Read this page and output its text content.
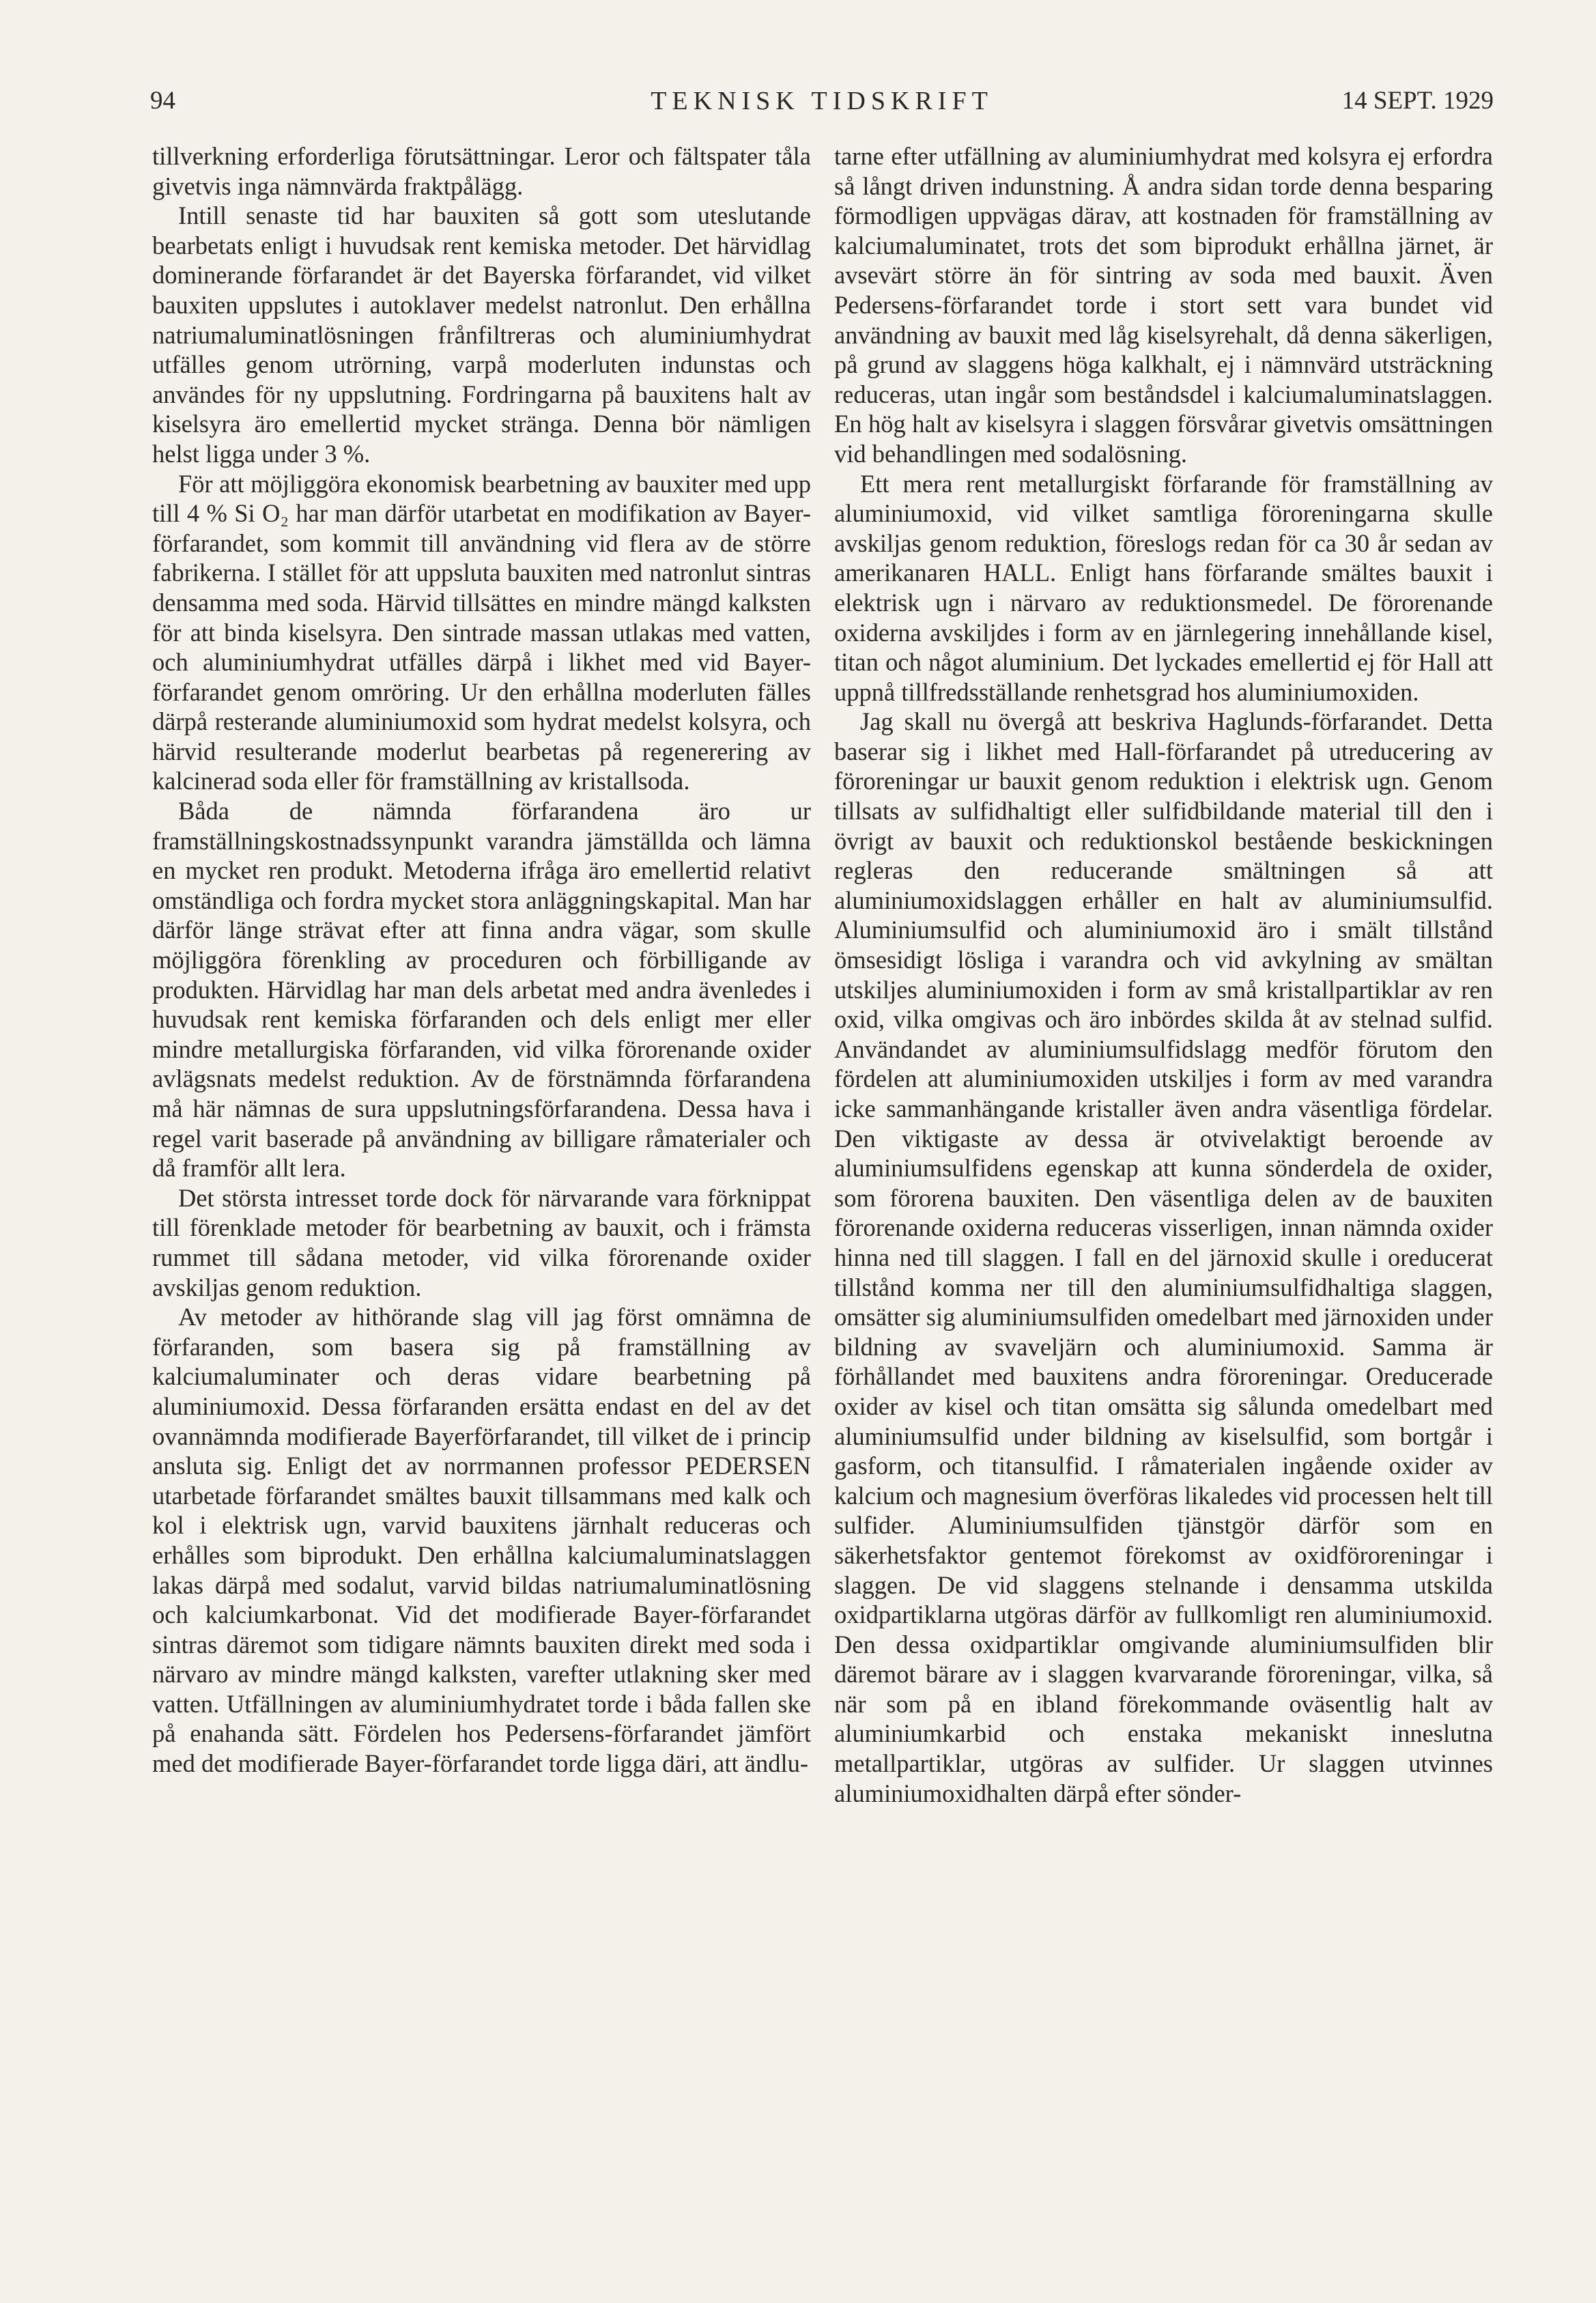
94	TEKNISK TIDSKRIFT	14 SEPT. 1929

tillverkning erforderliga förutsättningar. Leror och fältspater tåla givetvis inga nämnvärda fraktpålägg.

Intill senaste tid har bauxiten så gott som uteslutande bearbetats enligt i huvudsak rent kemiska metoder. Det härvidlag dominerande förfarandet är det Bayerska förfarandet, vid vilket bauxiten uppslutes i autoklaver medelst natronlut. Den erhållna natriumaluminatlösningen frånfiltreras och aluminiumhydrat utfälles genom utrörning, varpå moderluten indunstas och användes för ny uppslutning. Fordringarna på bauxitens halt av kiselsyra äro emellertid mycket stränga. Denna bör nämligen helst ligga under 3 %.

För att möjliggöra ekonomisk bearbetning av bauxiter med upp till 4 % Si O₂ har man därför utarbetat en modifikation av Bayer-förfarandet, som kommit till användning vid flera av de större fabrikerna. I stället för att uppsluta bauxiten med natronlut sintras densamma med soda. Härvid tillsättes en mindre mängd kalksten för att binda kiselsyra. Den sintrade massan utlakas med vatten, och aluminiumhydrat utfälles därpå i likhet med vid Bayer-förfarandet genom omröring. Ur den erhållna moderluten fälles därpå resterande aluminiumoxid som hydrat medelst kolsyra, och härvid resulterande moderlut bearbetas på regenerering av kalcinerad soda eller för framställning av kristallsoda.

Båda de nämnda förfarandena äro ur framställningskostnadssynpunkt varandra jämställda och lämna en mycket ren produkt. Metoderna ifråga äro emellertid relativt omständliga och fordra mycket stora anläggningskapital. Man har därför länge strävat efter att finna andra vägar, som skulle möjliggöra förenkling av proceduren och förbilligande av produkten. Härvidlag har man dels arbetat med andra ävenledes i huvudsak rent kemiska förfaranden och dels enligt mer eller mindre metallurgiska förfaranden, vid vilka förorenande oxider avlägsnats medelst reduktion. Av de förstnämnda förfarandena må här nämnas de sura uppslutningsförfarandena. Dessa hava i regel varit baserade på användning av billigare råmaterialer och då framför allt lera.

Det största intresset torde dock för närvarande vara förknippat till förenklade metoder för bearbetning av bauxit, och i främsta rummet till sådana metoder, vid vilka förorenande oxider avskiljas genom reduktion.

Av metoder av hithörande slag vill jag först omnämna de förfaranden, som basera sig på framställning av kalciumaluminater och deras vidare bearbetning på aluminiumoxid. Dessa förfaranden ersätta endast en del av det ovannämnda modifierade Bayerförfarandet, till vilket de i princip ansluta sig. Enligt det av norrmannen professor PEDERSEN utarbetade förfarandet smältes bauxit tillsammans med kalk och kol i elektrisk ugn, varvid bauxitens järnhalt reduceras och erhålles som biprodukt. Den erhållna kalciumaluminatslaggen lakas därpå med sodalut, varvid bildas natriumaluminatlösning och kalciumkarbonat. Vid det modifierade Bayer-förfarandet sintras däremot som tidigare nämnts bauxiten direkt med soda i närvaro av mindre mängd kalksten, varefter utlakning sker med vatten. Utfällningen av aluminiumhydratet torde i båda fallen ske på enahanda sätt. Fördelen hos Pedersens-förfarandet jämfört med det modifierade Bayer-förfarandet torde ligga däri, att ändlu-

tarne efter utfällning av aluminiumhydrat med kolsyra ej erfordra så långt driven indunstning. Å andra sidan torde denna besparing förmodligen uppvägas därav, att kostnaden för framställning av kalciumaluminatet, trots det som biprodukt erhållna järnet, är avsevärt större än för sintring av soda med bauxit. Även Pedersens-förfarandet torde i stort sett vara bundet vid användning av bauxit med låg kiselsyrehalt, då denna säkerligen, på grund av slaggens höga kalkhalt, ej i nämnvärd utsträckning reduceras, utan ingår som beståndsdel i kalciumaluminatslaggen. En hög halt av kiselsyra i slaggen försvårar givetvis omsättningen vid behandlingen med sodalösning.

Ett mera rent metallurgiskt förfarande för framställning av aluminiumoxid, vid vilket samtliga föroreningarna skulle avskiljas genom reduktion, föreslogs redan för ca 30 år sedan av amerikanaren HALL. Enligt hans förfarande smältes bauxit i elektrisk ugn i närvaro av reduktionsmedel. De förorenande oxiderna avskiljdes i form av en järnlegering innehållande kisel, titan och något aluminium. Det lyckades emellertid ej för Hall att uppnå tillfredsställande renhetsgrad hos aluminiumoxiden.

Jag skall nu övergå att beskriva Haglunds-förfarandet. Detta baserar sig i likhet med Hall-förfarandet på utreducering av föroreningar ur bauxit genom reduktion i elektrisk ugn. Genom tillsats av sulfidhaltigt eller sulfidbildande material till den i övrigt av bauxit och reduktionskol bestående beskickningen regleras den reducerande smältningen så att aluminiumoxidslaggen erhåller en halt av aluminiumsulfid. Aluminiumsulfid och aluminiumoxid äro i smält tillstånd ömsesidigt lösliga i varandra och vid avkylning av smältan utskiljes aluminiumoxiden i form av små kristallpartiklar av ren oxid, vilka omgivas och äro inbördes skilda åt av stelnad sulfid. Användandet av aluminiumsulfidslagg medför förutom den fördelen att aluminiumoxiden utskiljes i form av med varandra icke sammanhängande kristaller även andra väsentliga fördelar. Den viktigaste av dessa är otvivelaktigt beroende av aluminiumsulfidens egenskap att kunna sönderdela de oxider, som förorena bauxiten. Den väsentliga delen av de bauxiten förorenande oxiderna reduceras visserligen, innan nämnda oxider hinna ned till slaggen. I fall en del järnoxid skulle i oreducerat tillstånd komma ner till den aluminiumsulfidhaltiga slaggen, omsätter sig aluminiumsulfiden omedelbart med järnoxiden under bildning av svaveljärn och aluminiumoxid. Samma är förhållandet med bauxitens andra föroreningar. Oreducerade oxider av kisel och titan omsätta sig sålunda omedelbart med aluminiumsulfid under bildning av kiselsulfid, som bortgår i gasform, och titansulfid. I råmaterialen ingående oxider av kalcium och magnesium överföras likaledes vid processen helt till sulfider. Aluminiumsulfiden tjänstgör därför som en säkerhetsfaktor gentemot förekomst av oxidföroreningar i slaggen. De vid slaggens stelnande i densamma utskilda oxidpartiklarna utgöras därför av fullkomligt ren aluminiumoxid. Den dessa oxidpartiklar omgivande aluminiumsulfiden blir däremot bärare av i slaggen kvarvarande föroreningar, vilka, så när som på en ibland förekommande oväsentlig halt av aluminiumkarbid och enstaka mekaniskt inneslutna metallpartiklar, utgöras av sulfider. Ur slaggen utvinnes aluminiumoxidhalten därpå efter sönder-
